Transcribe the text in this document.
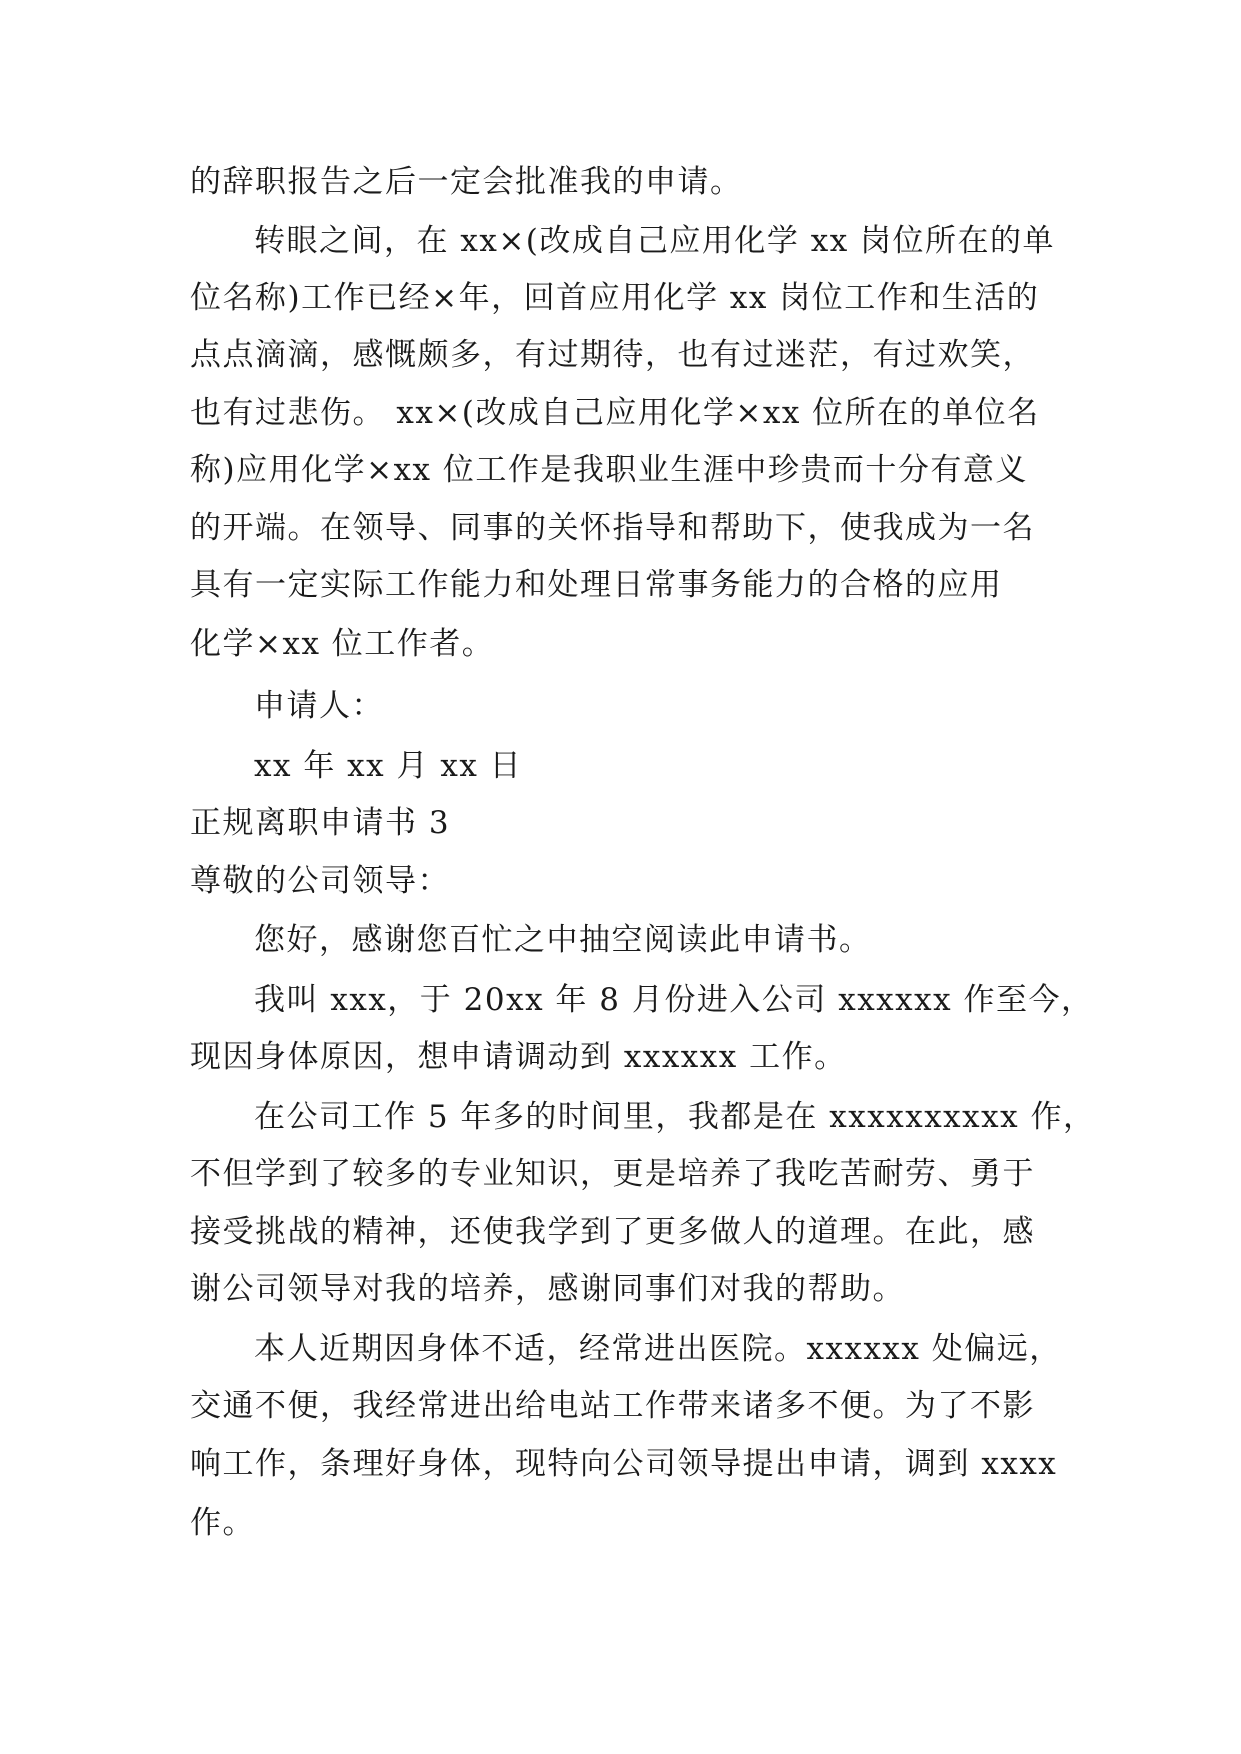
的辞职报告之后一定会批准我的申请。

转眼之间，在 xx×(改成自己应用化学 xx 岗位所在的单

位名称)工作已经×年，回首应用化学 xx 岗位工作和生活的

点点滴滴，感慨颇多，有过期待，也有过迷茫，有过欢笑，

也有过悲伤。 xx×(改成自己应用化学×xx 位所在的单位名

称)应用化学×xx 位工作是我职业生涯中珍贵而十分有意义

的开端。在领导、同事的关怀指导和帮助下，使我成为一名

具有一定实际工作能力和处理日常事务能力的合格的应用

化学×xx 位工作者。

申请人：

xx 年 xx 月 xx 日

正规离职申请书 3

尊敬的公司领导：

您好，感谢您百忙之中抽空阅读此申请书。

我叫 xxx，于 20xx 年 8 月份进入公司 xxxxxx 作至今，

现因身体原因，想申请调动到 xxxxxx 工作。

在公司工作 5 年多的时间里，我都是在 xxxxxxxxxx 作，

不但学到了较多的专业知识，更是培养了我吃苦耐劳、勇于

接受挑战的精神，还使我学到了更多做人的道理。在此，感

谢公司领导对我的培养，感谢同事们对我的帮助。

本人近期因身体不适，经常进出医院。xxxxxx 处偏远，

交通不便，我经常进出给电站工作带来诸多不便。为了不影

响工作，条理好身体，现特向公司领导提出申请，调到 xxxx

作。
